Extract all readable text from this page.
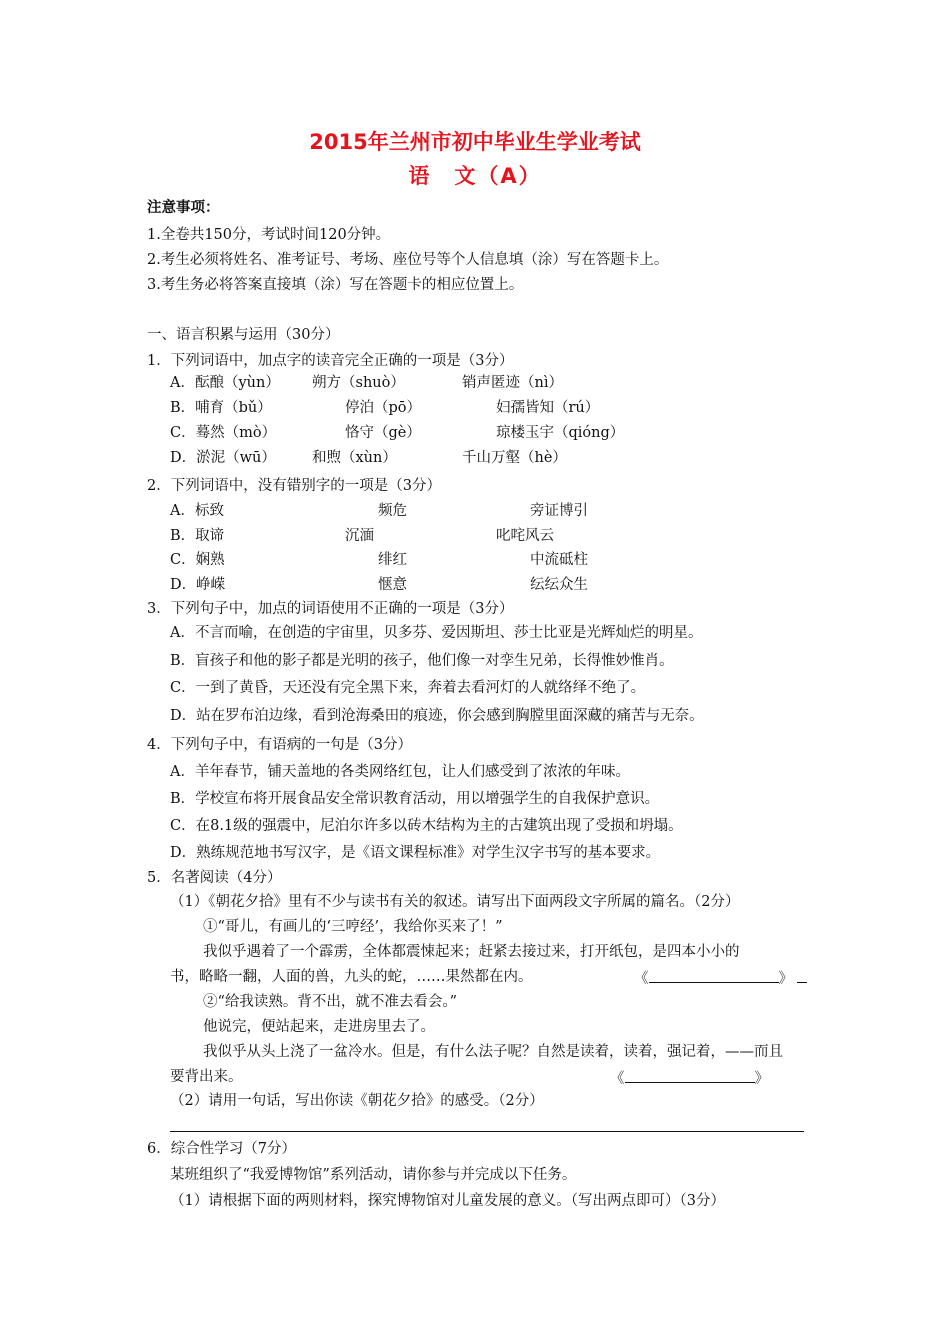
2015年兰州市初中毕业生学业考试
语　文（A）
注意事项：
1.全卷共150分，考试时间120分钟。
2.考生必须将姓名、准考证号、考场、座位号等个人信息填（涂）写在答题卡上。
3.考生务必将答案直接填（涂）写在答题卡的相应位置上。
一、语言积累与运用（30分）
1．下列词语中，加点字的读音完全正确的一项是（3分）
A．酝酿（yùn） 朔方（shuò）	销声匿迹（nì）
B．哺育（bǔ）	停泊（pō）	妇孺皆知（rú）
C．蓦然（mò）	恪守（gè）	琼楼玉宇（qióng）
D．淤泥（wū） 和煦（xùn）	千山万壑（hè）
2．下列词语中，没有错别字的一项是（3分）
A．标致	频危	旁证博引
B．取谛	沉湎	叱咤风云
C．娴熟	绯红	中流砥柱
D．峥嵘	惬意	纭纭众生
3．下列句子中，加点的词语使用不正确的一项是（3分）
A．不言而喻，在创造的宇宙里，贝多芬、爱因斯坦、莎士比亚是光辉灿烂的明星。
B．盲孩子和他的影子都是光明的孩子，他们像一对孪生兄弟，长得惟妙惟肖。
C．一到了黄昏，天还没有完全黑下来，奔着去看河灯的人就络绎不绝了。
D．站在罗布泊边缘，看到沧海桑田的痕迹，你会感到胸膛里面深藏的痛苦与无奈。
4．下列句子中，有语病的一句是（3分）
A．羊年春节，铺天盖地的各类网络红包，让人们感受到了浓浓的年味。
B．学校宣布将开展食品安全常识教育活动，用以增强学生的自我保护意识。
C．在8.1级的强震中，尼泊尔许多以砖木结构为主的古建筑出现了受损和坍塌。
D．熟练规范地书写汉字，是《语文课程标准》对学生汉字书写的基本要求。
5．名著阅读（4分）
（1）《朝花夕拾》里有不少与读书有关的叙述。请写出下面两段文字所属的篇名。（2分）
①“哥儿，有画儿的‘三哼经’，我给你买来了！”
我似乎遇着了一个霹雳，全体都震悚起来；赶紧去接过来，打开纸包，是四本小小的
书，略略一翻，人面的兽，九头的蛇，……果然都在内。	《	》
②“给我读熟。背不出，就不准去看会。”
他说完，便站起来，走进房里去了。
我似乎从头上浇了一盆冷水。但是，有什么法子呢？自然是读着，读着，强记着，——而且
要背出来。	《	》
（2）请用一句话，写出你读《朝花夕拾》的感受。（2分）
6．综合性学习（7分）
某班组织了“我爱博物馆”系列活动，请你参与并完成以下任务。
（1）请根据下面的两则材料，探究博物馆对儿童发展的意义。（写出两点即可）（3分）
